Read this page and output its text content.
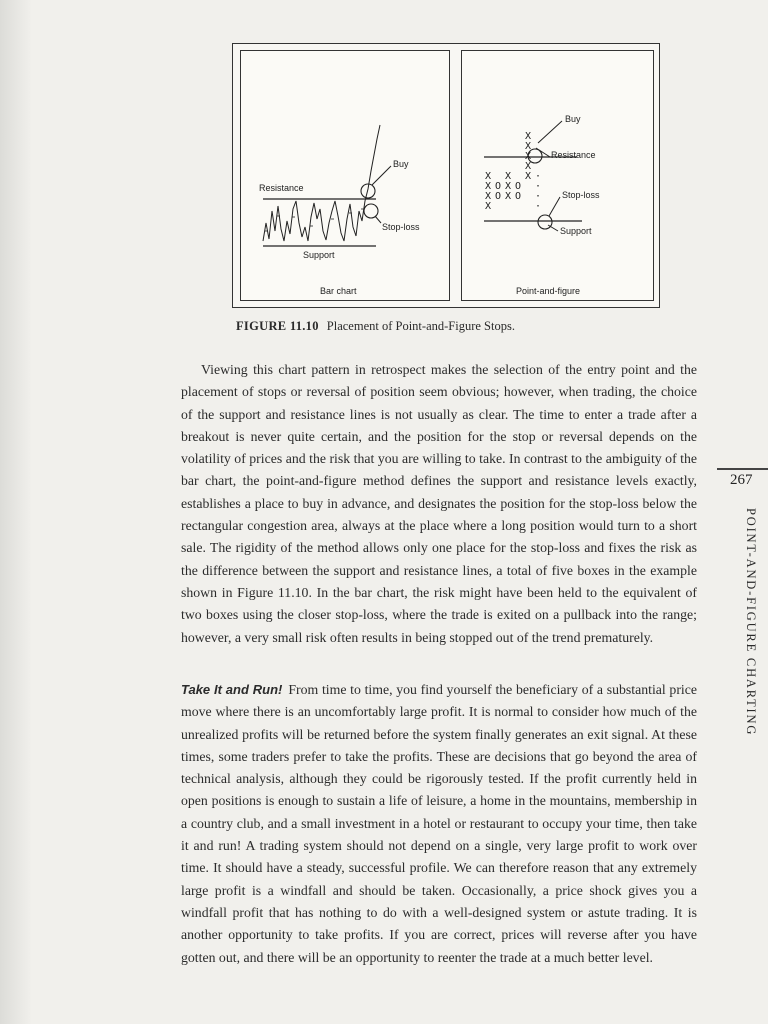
Resistance
Buy
Stop-loss
Support
Bar chart
X
X
X
X

O
O
X
X
X

O
O
X
X
X
X
X ·
·
·
·
Buy
Resistance
Stop-loss
Support
Point-and-figure
FIGURE 11.10 Placement of Point-and-Figure Stops.

Viewing this chart pattern in retrospect makes the selection of the entry point and the placement of stops or reversal of position seem obvious; however, when trading, the choice of the support and resistance lines is not usually as clear. The time to enter a trade after a breakout is never quite certain, and the position for the stop or reversal depends on the volatility of prices and the risk that you are willing to take. In contrast to the ambiguity of the bar chart, the point-and-figure method defines the support and resistance levels exactly, establishes a place to buy in advance, and designates the position for the stop-loss below the rectangular congestion area, always at the place where a long position would turn to a short sale. The rigidity of the method allows only one place for the stop-loss and fixes the risk as the difference between the support and resistance lines, a total of five boxes in the example shown in Figure 11.10. In the bar chart, the risk might have been held to the equivalent of two boxes using the closer stop-loss, where the trade is exited on a pullback into the range; however, a very small risk often results in being stopped out of the trend prematurely.

Take It and Run! From time to time, you find yourself the beneficiary of a substantial price move where there is an uncomfortably large profit. It is normal to consider how much of the unrealized profits will be returned before the system finally generates an exit signal. At these times, some traders prefer to take the profits. These are decisions that go beyond the area of technical analysis, although they could be rigorously tested. If the profit currently held in open positions is enough to sustain a life of leisure, a home in the mountains, membership in a country club, and a small investment in a hotel or restaurant to occupy your time, then take it and run! A trading system should not depend on a single, very large profit to work over time. It should have a steady, successful profile. We can therefore reason that any extremely large profit is a windfall and should be taken. Occasionally, a price shock gives you a windfall profit that has nothing to do with a well-designed system or astute trading. It is another opportunity to take profits. If you are correct, prices will reverse after you have gotten out, and there will be an opportunity to reenter the trade at a much better level.

267
POINT-AND-FIGURE CHARTING
